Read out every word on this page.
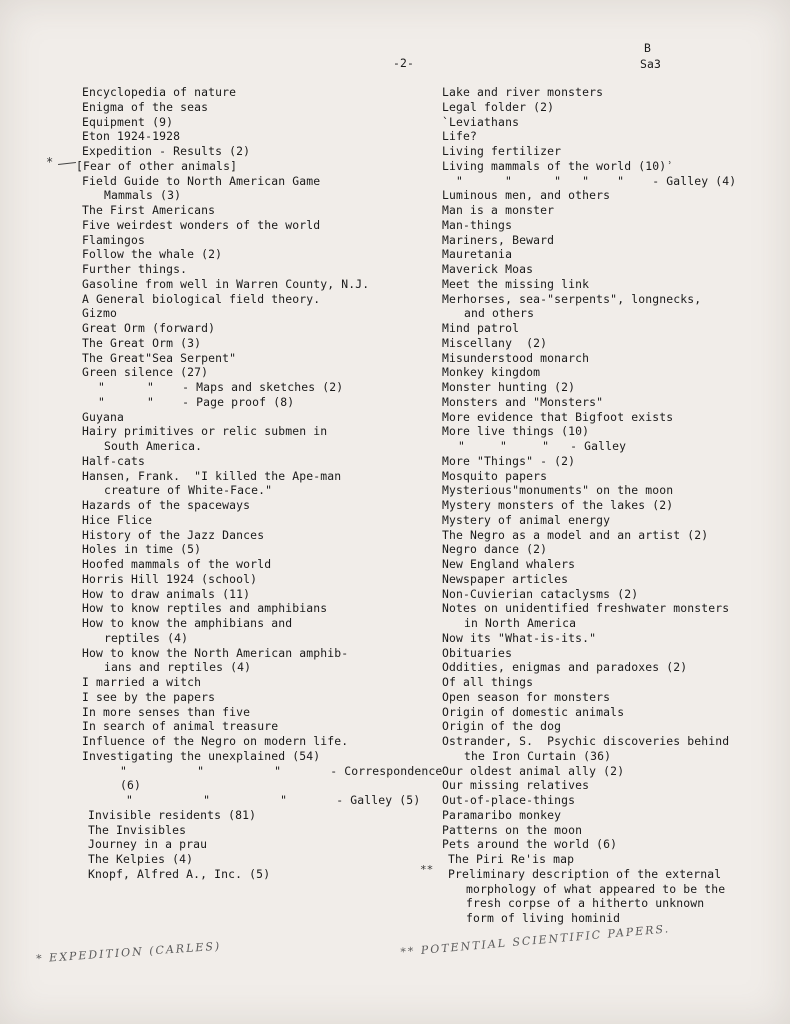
-2-
B
Sa3
*
**
Encyclopedia of nature
Enigma of the seas
Equipment (9)
Eton 1924-1928
Expedition - Results (2)
[Fear of other animals]
Field Guide to North American Game
Mammals (3)
The First Americans
Five weirdest wonders of the world
Flamingos
Follow the whale (2)
Further things.
Gasoline from well in Warren County, N.J.
A General biological field theory.
Gizmo
Great Orm (forward)
The Great Orm (3)
The Great"Sea Serpent"
Green silence (27)
"      "    - Maps and sketches (2)
"      "    - Page proof (8)
Guyana
Hairy primitives or relic submen in
South America.
Half-cats
Hansen, Frank.  "I killed the Ape-man
creature of White-Face."
Hazards of the spaceways
Hice Flice
History of the Jazz Dances
Holes in time (5)
Hoofed mammals of the world
Horris Hill 1924 (school)
How to draw animals (11)
How to know reptiles and amphibians
How to know the amphibians and
reptiles (4)
How to know the North American amphib-
ians and reptiles (4)
I married a witch
I see by the papers
In more senses than five
In search of animal treasure
Influence of the Negro on modern life.
Investigating the unexplained (54)
"          "          "       - Correspondence
(6)
"          "          "       - Galley (5)
Invisible residents (81)
The Invisibles
Journey in a prau
The Kelpies (4)
Knopf, Alfred A., Inc. (5)
Lake and river monsters
Legal folder (2)
`Leviathans
Life?
Living fertilizer
Living mammals of the world (10)ʾ
"      "      "   "    "    - Galley (4)
Luminous men, and others
Man is a monster
Man-things
Mariners, Beward
Mauretania
Maverick Moas
Meet the missing link
Merhorses, sea-"serpents", longnecks,
and others
Mind patrol
Miscellany  (2)
Misunderstood monarch
Monkey kingdom
Monster hunting (2)
Monsters and "Monsters"
More evidence that Bigfoot exists
More live things (10)
"     "     "   - Galley
More "Things" - (2)
Mosquito papers
Mysterious"monuments" on the moon
Mystery monsters of the lakes (2)
Mystery of animal energy
The Negro as a model and an artist (2)
Negro dance (2)
New England whalers
Newspaper articles
Non-Cuvierian cataclysms (2)
Notes on unidentified freshwater monsters
in North America
Now its "What-is-its."
Obituaries
Oddities, enigmas and paradoxes (2)
Of all things
Open season for monsters
Origin of domestic animals
Origin of the dog
Ostrander, S.  Psychic discoveries behind
the Iron Curtain (36)
Our oldest animal ally (2)
Our missing relatives
Out-of-place-things
Paramaribo monkey
Patterns on the moon
Pets around the world (6)
The Piri Re'is map
Preliminary description of the external
morphology of what appeared to be the
fresh corpse of a hitherto unknown
form of living hominid
* EXPEDITION (CARLES)	** POTENTIAL SCIENTIFIC PAPERS.
